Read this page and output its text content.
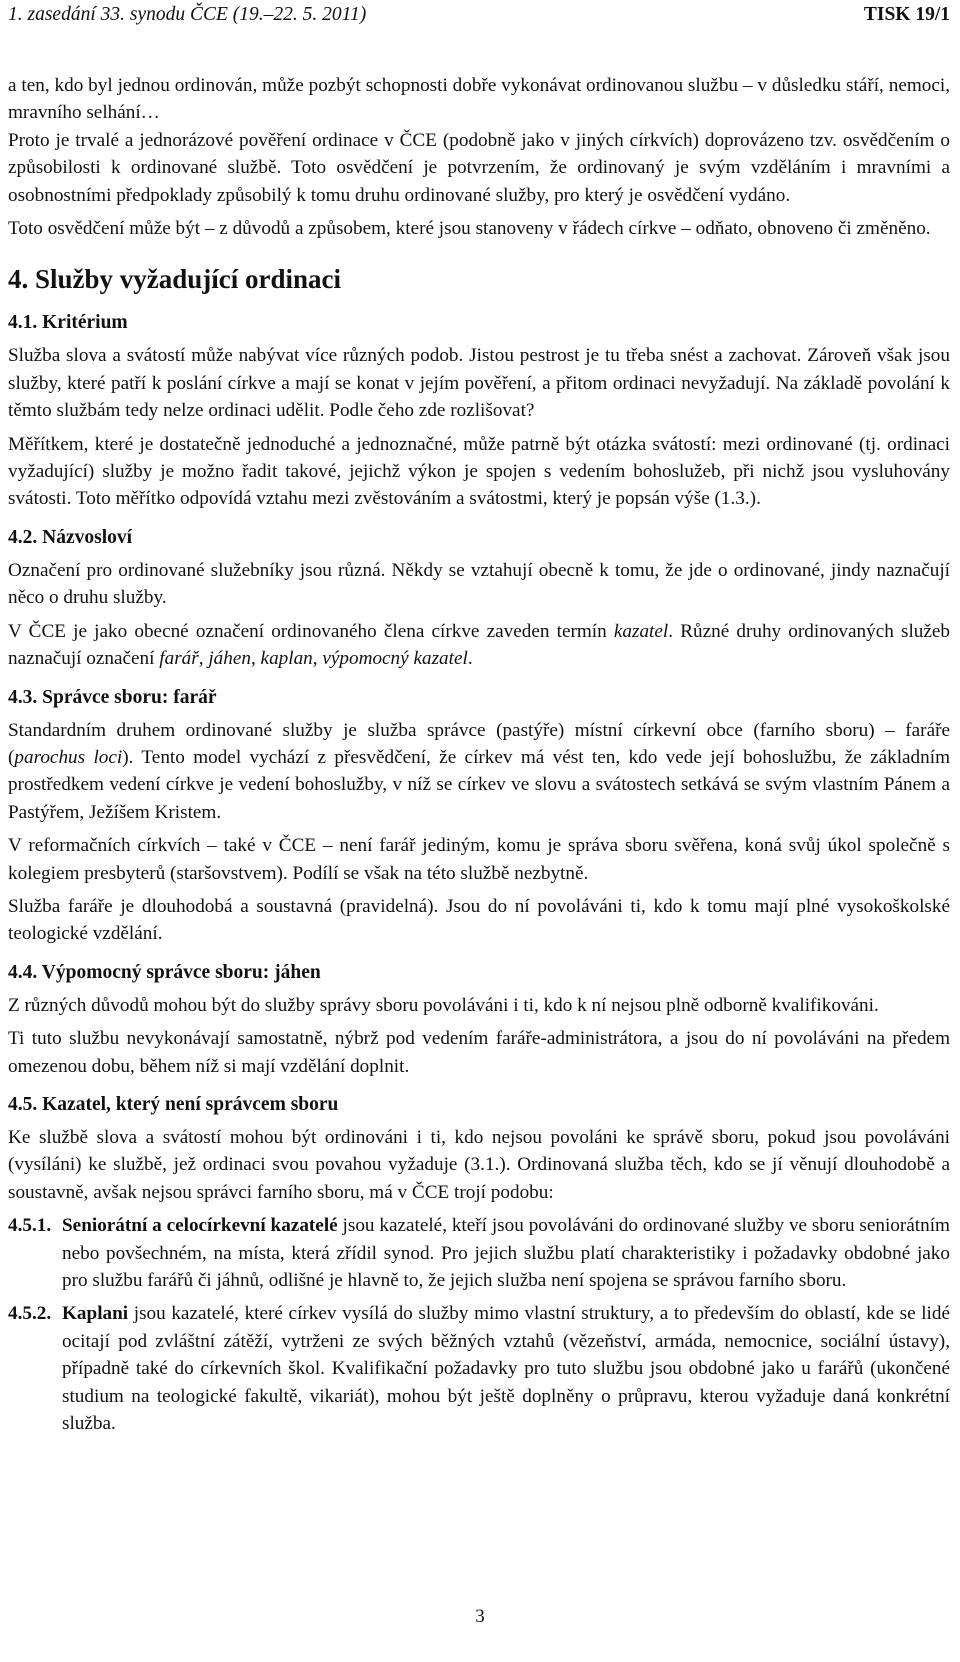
1. zasedání 33. synodu ČCE (19.–22. 5. 2011)	TISK 19/1

a ten, kdo byl jednou ordinován, může pozbýt schopnosti dobře vykonávat ordinovanou službu – v důsledku stáří, nemoci, mravního selhání…

Proto je trvalé a jednorázové pověření ordinace v ČCE (podobně jako v jiných církvích) doprovázeno tzv. osvědčením o způsobilosti k ordinované službě. Toto osvědčení je potvrzením, že ordinovaný je svým vzděláním i mravními a osobnostními předpoklady způsobilý k tomu druhu ordinované služby, pro který je osvědčení vydáno.

Toto osvědčení může být – z důvodů a způsobem, které jsou stanoveny v řádech církve – odňato, obnoveno či změněno.

4. Služby vyžadující ordinaci
4.1. Kritérium

Služba slova a svátostí může nabývat více různých podob. Jistou pestrost je tu třeba snést a zachovat. Zároveň však jsou služby, které patří k poslání církve a mají se konat v jejím pověření, a přitom ordinaci nevyžadují. Na základě povolání k těmto službám tedy nelze ordinaci udělit. Podle čeho zde rozlišovat?

Měřítkem, které je dostatečně jednoduché a jednoznačné, může patrně být otázka svátostí: mezi ordinované (tj. ordinaci vyžadující) služby je možno řadit takové, jejichž výkon je spojen s vedením bohoslužeb, při nichž jsou vysluhovány svátosti. Toto měřítko odpovídá vztahu mezi zvěstováním a svátostmi, který je popsán výše (1.3.).

4.2. Názvosloví

Označení pro ordinované služebníky jsou různá. Někdy se vztahují obecně k tomu, že jde o ordinované, jindy naznačují něco o druhu služby.

V ČCE je jako obecné označení ordinovaného člena církve zaveden termín kazatel. Různé druhy ordinovaných služeb naznačují označení farář, jáhen, kaplan, výpomocný kazatel.

4.3. Správce sboru: farář

Standardním druhem ordinované služby je služba správce (pastýře) místní církevní obce (farního sboru) – faráře (parochus loci). Tento model vychází z přesvědčení, že církev má vést ten, kdo vede její bohoslužbu, že základním prostředkem vedení církve je vedení bohoslužby, v níž se církev ve slovu a svátostech setkává se svým vlastním Pánem a Pastýřem, Ježíšem Kristem.

V reformačních církvích – také v ČCE – není farář jediným, komu je správa sboru svěřena, koná svůj úkol společně s kolegiem presbyterů (staršovstvem). Podílí se však na této službě nezbytně.

Služba faráře je dlouhodobá a soustavná (pravidelná). Jsou do ní povoláváni ti, kdo k tomu mají plné vysokoškolské teologické vzdělání.

4.4. Výpomocný správce sboru: jáhen

Z různých důvodů mohou být do služby správy sboru povoláváni i ti, kdo k ní nejsou plně odborně kvalifikováni.

Ti tuto službu nevykonávají samostatně, nýbrž pod vedením faráře-administrátora, a jsou do ní povoláváni na předem omezenou dobu, během níž si mají vzdělání doplnit.

4.5. Kazatel, který není správcem sboru

Ke službě slova a svátostí mohou být ordinováni i ti, kdo nejsou povoláni ke správě sboru, pokud jsou povoláváni (vysíláni) ke službě, jež ordinaci svou povahou vyžaduje (3.1.). Ordinovaná služba těch, kdo se jí věnují dlouhodobě a soustavně, avšak nejsou správci farního sboru, má v ČCE trojí podobu:

4.5.1. Seniorátní a celocírkevní kazatelé jsou kazatelé, kteří jsou povoláváni do ordinované služby ve sboru seniorátním nebo povšechném, na místa, která zřídil synod. Pro jejich službu platí charakteristiky i požadavky obdobné jako pro službu farářů či jáhnů, odlišné je hlavně to, že jejich služba není spojena se správou farního sboru.
4.5.2. Kaplani jsou kazatelé, které církev vysílá do služby mimo vlastní struktury, a to především do oblastí, kde se lidé ocitají pod zvláštní zátěží, vytrženi ze svých běžných vztahů (vězeňství, armáda, nemocnice, sociální ústavy), případně také do církevních škol. Kvalifikační požadavky pro tuto službu jsou obdobné jako u farářů (ukončené studium na teologické fakultě, vikariát), mohou být ještě doplněny o průpravu, kterou vyžaduje daná konkrétní služba.
3
